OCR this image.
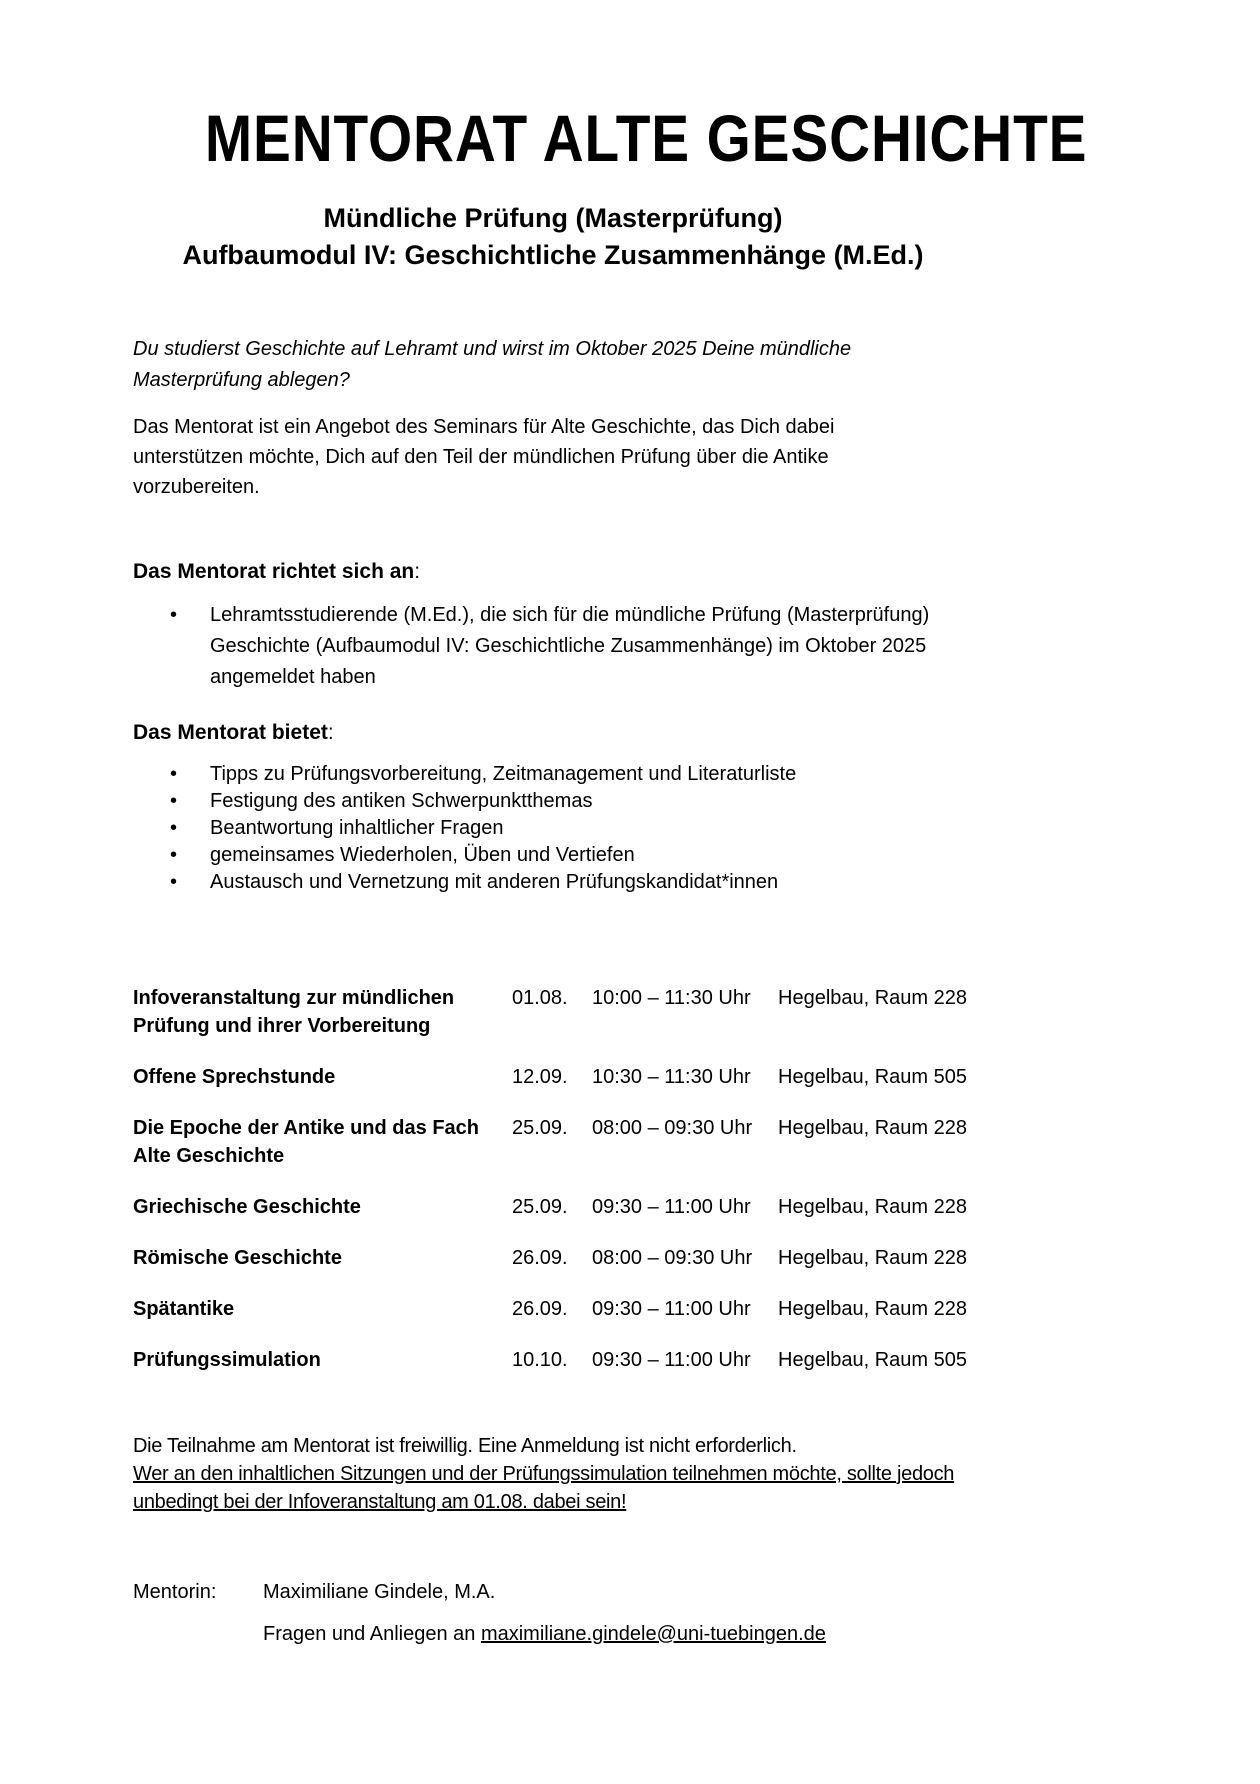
MENTORAT ALTE GESCHICHTE
Mündliche Prüfung (Masterprüfung)
Aufbaumodul IV: Geschichtliche Zusammenhänge (M.Ed.)

Du studierst Geschichte auf Lehramt und wirst im Oktober 2025 Deine mündliche Masterprüfung ablegen?

Das Mentorat ist ein Angebot des Seminars für Alte Geschichte, das Dich dabei unterstützen möchte, Dich auf den Teil der mündlichen Prüfung über die Antike vorzubereiten.

Das Mentorat richtet sich an:
• Lehramtsstudierende (M.Ed.), die sich für die mündliche Prüfung (Masterprüfung) Geschichte (Aufbaumodul IV: Geschichtliche Zusammenhänge) im Oktober 2025 angemeldet haben
Das Mentorat bietet:
• Tipps zu Prüfungsvorbereitung, Zeitmanagement und Literaturliste
• Festigung des antiken Schwerpunktthemas
• Beantwortung inhaltlicher Fragen
• gemeinsames Wiederholen, Üben und Vertiefen
• Austausch und Vernetzung mit anderen Prüfungskandidat*innen
Infoveranstaltung zur mündlichen Prüfung und ihrer Vorbereitung
01.08.	10:00 – 11:30 Uhr	Hegelbau, Raum 228
Offene Sprechstunde	12.09.	10:30 – 11:30 Uhr	Hegelbau, Raum 505
Die Epoche der Antike und das Fach Alte Geschichte
25.09.	08:00 – 09:30 Uhr	Hegelbau, Raum 228
Griechische Geschichte	25.09.	09:30 – 11:00 Uhr	Hegelbau, Raum 228
Römische Geschichte	26.09.	08:00 – 09:30 Uhr	Hegelbau, Raum 228
Spätantike	26.09.	09:30 – 11:00 Uhr	Hegelbau, Raum 228
Prüfungssimulation	10.10.	09:30 – 11:00 Uhr	Hegelbau, Raum 505
Die Teilnahme am Mentorat ist freiwillig. Eine Anmeldung ist nicht erforderlich.
Wer an den inhaltlichen Sitzungen und der Prüfungssimulation teilnehmen möchte, sollte jedoch unbedingt bei der Infoveranstaltung am 01.08. dabei sein!
Mentorin:	Maximiliane Gindele, M.A.
Fragen und Anliegen an maximiliane.gindele@uni-tuebingen.de
